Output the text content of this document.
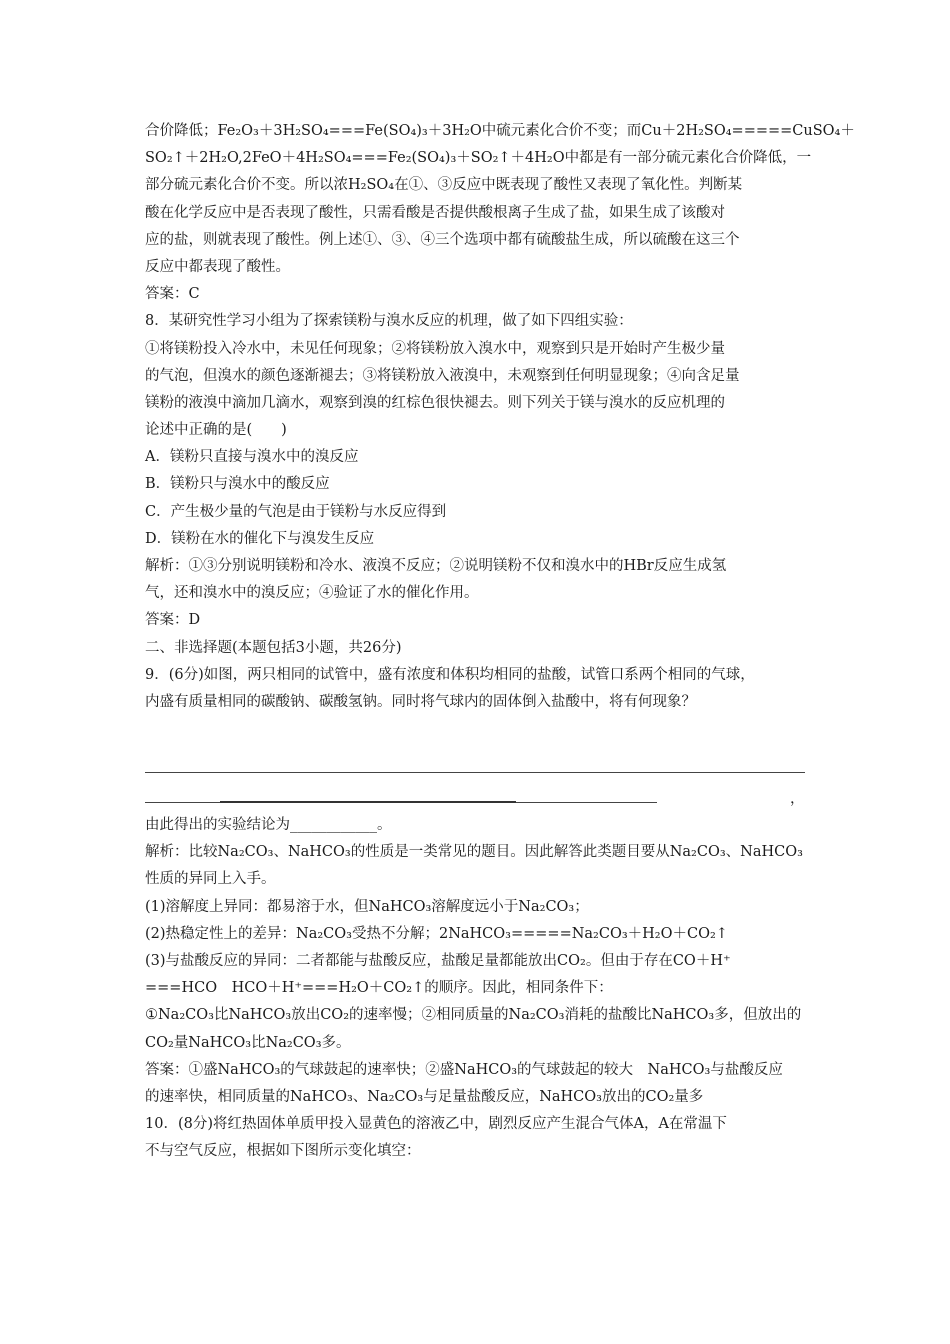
合价降低；Fe₂O₃＋3H₂SO₄===Fe(SO₄)₃＋3H₂O中硫元素化合价不变；而Cu＋2H₂SO₄=====CuSO₄＋
SO₂↑＋2H₂O,2FeO＋4H₂SO₄===Fe₂(SO₄)₃＋SO₂↑＋4H₂O中都是有一部分硫元素化合价降低，一
部分硫元素化合价不变。所以浓H₂SO₄在①、③反应中既表现了酸性又表现了氧化性。判断某
酸在化学反应中是否表现了酸性，只需看酸是否提供酸根离子生成了盐，如果生成了该酸对
应的盐，则就表现了酸性。例上述①、③、④三个选项中都有硫酸盐生成，所以硫酸在这三个
反应中都表现了酸性。
答案：C
8．某研究性学习小组为了探索镁粉与溴水反应的机理，做了如下四组实验：
①将镁粉投入冷水中，未见任何现象；②将镁粉放入溴水中，观察到只是开始时产生极少量
的气泡，但溴水的颜色逐渐褪去；③将镁粉放入液溴中，未观察到任何明显现象；④向含足量
镁粉的液溴中滴加几滴水，观察到溴的红棕色很快褪去。则下列关于镁与溴水的反应机理的
论述中正确的是(　　)
A．镁粉只直接与溴水中的溴反应
B．镁粉只与溴水中的酸反应
C．产生极少量的气泡是由于镁粉与水反应得到
D．镁粉在水的催化下与溴发生反应
解析：①③分别说明镁粉和冷水、液溴不反应；②说明镁粉不仅和溴水中的HBr反应生成氢
气，还和溴水中的溴反应；④验证了水的催化作用。
答案：D
二、非选择题(本题包括3小题，共26分)
9．(6分)如图，两只相同的试管中，盛有浓度和体积均相同的盐酸，试管口系两个相同的气球，
内盛有质量相同的碳酸钠、碳酸氢钠。同时将气球内的固体倒入盐酸中，将有何现象？
，
由此得出的实验结论为____________。
解析：比较Na₂CO₃、NaHCO₃的性质是一类常见的题目。因此解答此类题目要从Na₂CO₃、NaHCO₃
性质的异同上入手。
(1)溶解度上异同：都易溶于水，但NaHCO₃溶解度远小于Na₂CO₃；
(2)热稳定性上的差异：Na₂CO₃受热不分解；2NaHCO₃=====Na₂CO₃＋H₂O＋CO₂↑
(3)与盐酸反应的异同：二者都能与盐酸反应，盐酸足量都能放出CO₂。但由于存在CO＋H⁺
===HCO　HCO＋H⁺===H₂O＋CO₂↑的顺序。因此，相同条件下：
①Na₂CO₃比NaHCO₃放出CO₂的速率慢；②相同质量的Na₂CO₃消耗的盐酸比NaHCO₃多，但放出的
CO₂量NaHCO₃比Na₂CO₃多。
答案：①盛NaHCO₃的气球鼓起的速率快；②盛NaHCO₃的气球鼓起的较大　NaHCO₃与盐酸反应
的速率快，相同质量的NaHCO₃、Na₂CO₃与足量盐酸反应，NaHCO₃放出的CO₂量多
10．(8分)将红热固体单质甲投入显黄色的溶液乙中，剧烈反应产生混合气体A，A在常温下
不与空气反应，根据如下图所示变化填空：
